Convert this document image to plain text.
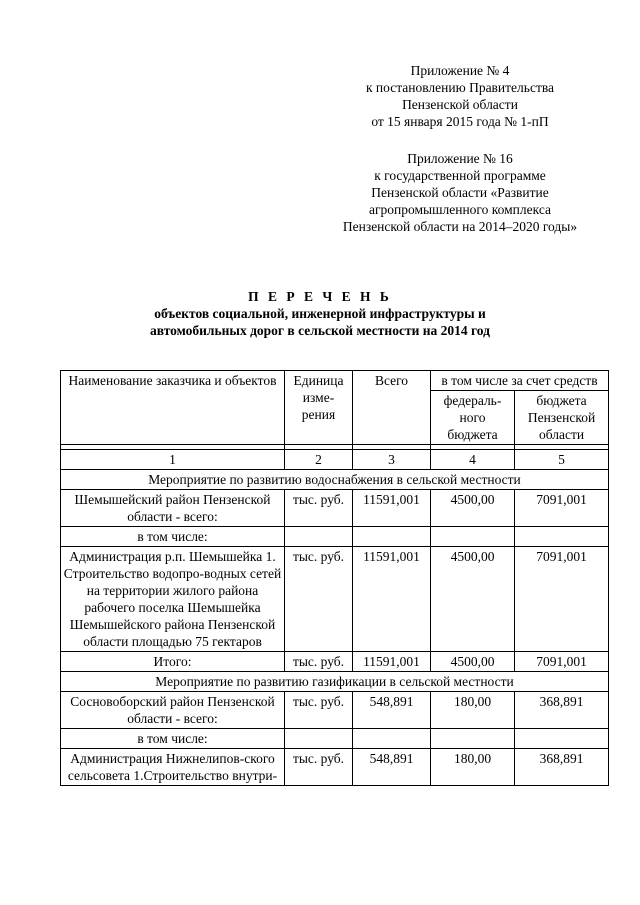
Приложение № 4
к постановлению Правительства
Пензенской области
от 15 января 2015 года № 1-пП
Приложение № 16
к государственной программе
Пензенской области «Развитие
агропромышленного комплекса
Пензенской области на 2014–2020 годы»
П Е Р Е Ч Е Н Ь
объектов социальной, инженерной инфраструктуры и
автомобильных дорог в сельской местности на 2014 год
Наименование заказчика и объектов	Единица изме-рения	Всего	в том числе за счет средств	
			федераль-ного бюджета	бюджета Пензенской области

1	2	3	4	5
Мероприятие по развитию водоснабжения в сельской местности				
Шемышейский район Пензенской области - всего:	тыс. руб.	11591,001	4500,00	7091,001
в том числе:				
Администрация р.п. Шемышейка 1. Строительство водопро-водных сетей на территории жилого района рабочего поселка Шемышейка Шемышейского района Пензенской области площадью 75 гектаров	тыс. руб.	11591,001	4500,00	7091,001
Итого:	тыс. руб.	11591,001	4500,00	7091,001
Мероприятие по развитию газификации в сельской местности				
Сосновоборский район Пензенской области - всего:	тыс. руб.	548,891	180,00	368,891
в том числе:				
Администрация Нижнелипов-ского сельсовета 1.Строительство внутри-	тыс. руб.	548,891	180,00	368,891
